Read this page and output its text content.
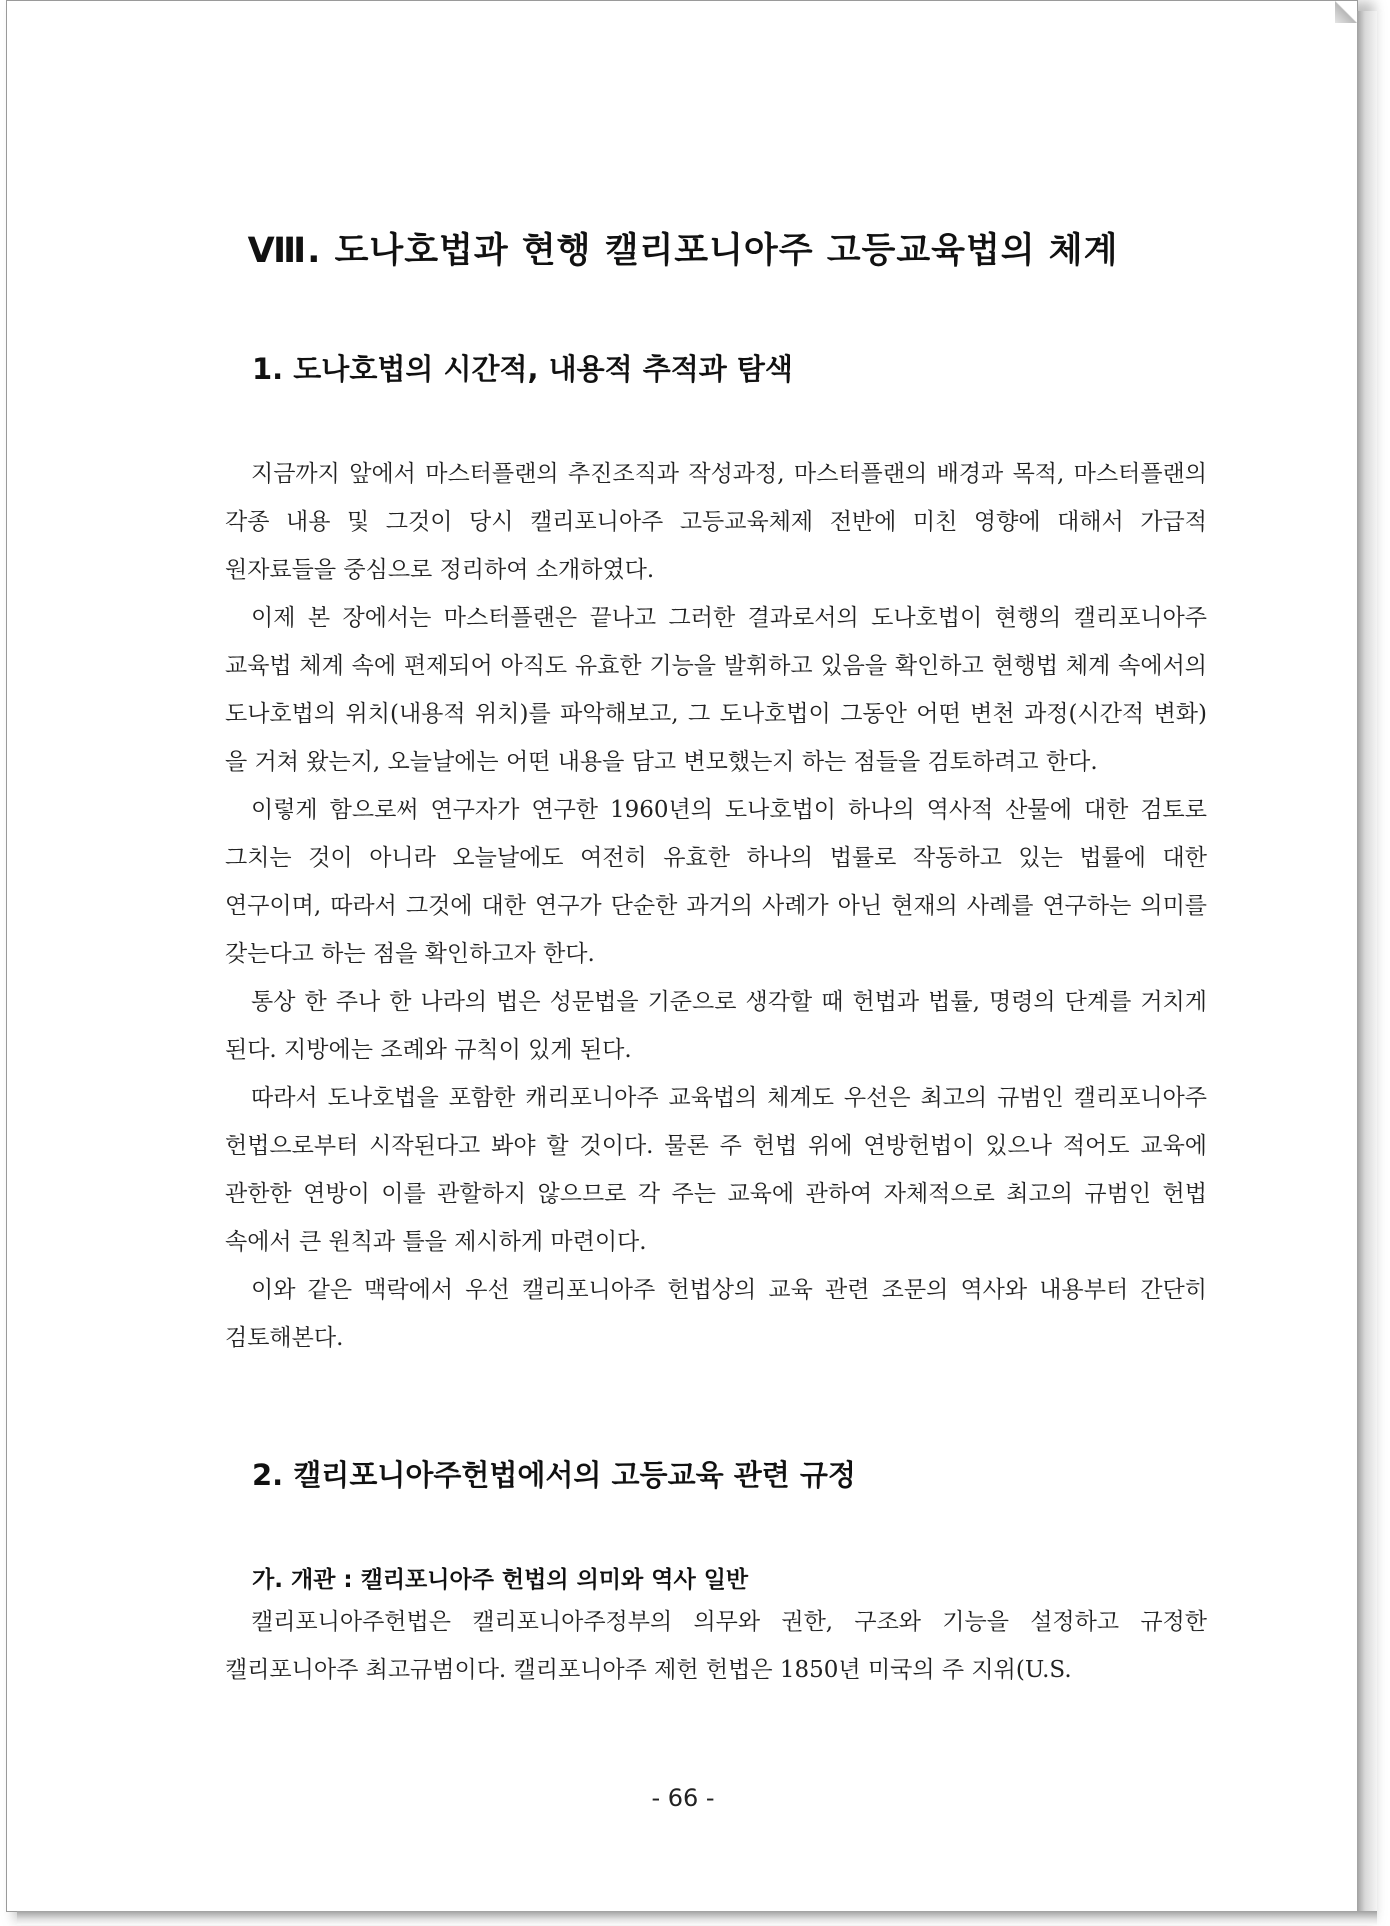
Ⅷ. 도나호법과 현행 캘리포니아주 고등교육법의 체계
1. 도나호법의 시간적, 내용적 추적과 탐색

지금까지 앞에서 마스터플랜의 추진조직과 작성과정, 마스터플랜의 배경과 목적, 마스터플랜의 각종 내용 및 그것이 당시 캘리포니아주 고등교육체제 전반에 미친 영향에 대해서 가급적 원자료들을 중심으로 정리하여 소개하였다.

이제 본 장에서는 마스터플랜은 끝나고 그러한 결과로서의 도나호법이 현행의 캘리포니아주 교육법 체계 속에 편제되어 아직도 유효한 기능을 발휘하고 있음을 확인하고 현행법 체계 속에서의 도나호법의 위치(내용적 위치)를 파악해보고, 그 도나호법이 그동안 어떤 변천 과정(시간적 변화)을 거쳐 왔는지, 오늘날에는 어떤 내용을 담고 변모했는지 하는 점들을 검토하려고 한다.

이렇게 함으로써 연구자가 연구한 1960년의 도나호법이 하나의 역사적 산물에 대한 검토로 그치는 것이 아니라 오늘날에도 여전히 유효한 하나의 법률로 작동하고 있는 법률에 대한 연구이며, 따라서 그것에 대한 연구가 단순한 과거의 사례가 아닌 현재의 사례를 연구하는 의미를 갖는다고 하는 점을 확인하고자 한다.

통상 한 주나 한 나라의 법은 성문법을 기준으로 생각할 때 헌법과 법률, 명령의 단계를 거치게 된다. 지방에는 조례와 규칙이 있게 된다.

따라서 도나호법을 포함한 캐리포니아주 교육법의 체계도 우선은 최고의 규범인 캘리포니아주 헌법으로부터 시작된다고 봐야 할 것이다. 물론 주 헌법 위에 연방헌법이 있으나 적어도 교육에 관한한 연방이 이를 관할하지 않으므로 각 주는 교육에 관하여 자체적으로 최고의 규범인 헌법 속에서 큰 원칙과 틀을 제시하게 마련이다.

이와 같은 맥락에서 우선 캘리포니아주 헌법상의 교육 관련 조문의 역사와 내용부터 간단히 검토해본다.

2. 캘리포니아주헌법에서의 고등교육 관련 규정
가. 개관 : 캘리포니아주 헌법의 의미와 역사 일반

캘리포니아주헌법은 캘리포니아주정부의 의무와 권한, 구조와 기능을 설정하고 규정한 캘리포니아주 최고규범이다. 캘리포니아주 제헌 헌법은 1850년 미국의 주 지위(U.S.

- 66 -
